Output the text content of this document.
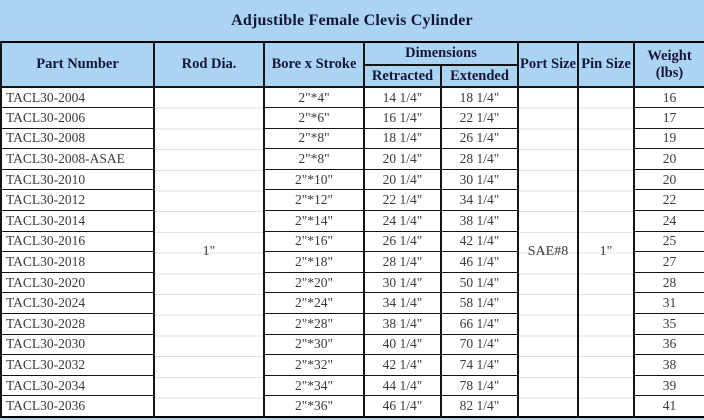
Adjustible Female Clevis Cylinder
Part Number	Rod Dia.	Bore x Stroke	Dimensions		Port Size	Pin Size	Weight
(lbs)

			Retracted	Extended			
TACL30-2004	1"	2"*4"	14 1/4"	18 1/4"	SAE#8	1"	16
TACL30-2006		2"*6"	16 1/4"	22 1/4"			17
TACL30-2008		2"*8"	18 1/4"	26 1/4"			19
TACL30-2008-ASAE		2"*8"	20 1/4"	28 1/4"			20
TACL30-2010		2"*10"	20 1/4"	30 1/4"			20
TACL30-2012		2"*12"	22 1/4"	34 1/4"			22
TACL30-2014		2"*14"	24 1/4"	38 1/4"			24
TACL30-2016		2"*16"	26 1/4"	42 1/4"			25
TACL30-2018		2"*18"	28 1/4"	46 1/4"			27
TACL30-2020		2"*20"	30 1/4"	50 1/4"			28
TACL30-2024		2"*24"	34 1/4"	58 1/4"			31
TACL30-2028		2"*28"	38 1/4"	66 1/4"			35
TACL30-2030		2"*30"	40 1/4"	70 1/4"			36
TACL30-2032		2"*32"	42 1/4"	74 1/4"			38
TACL30-2034		2"*34"	44 1/4"	78 1/4"			39
TACL30-2036		2"*36"	46 1/4"	82 1/4"			41
